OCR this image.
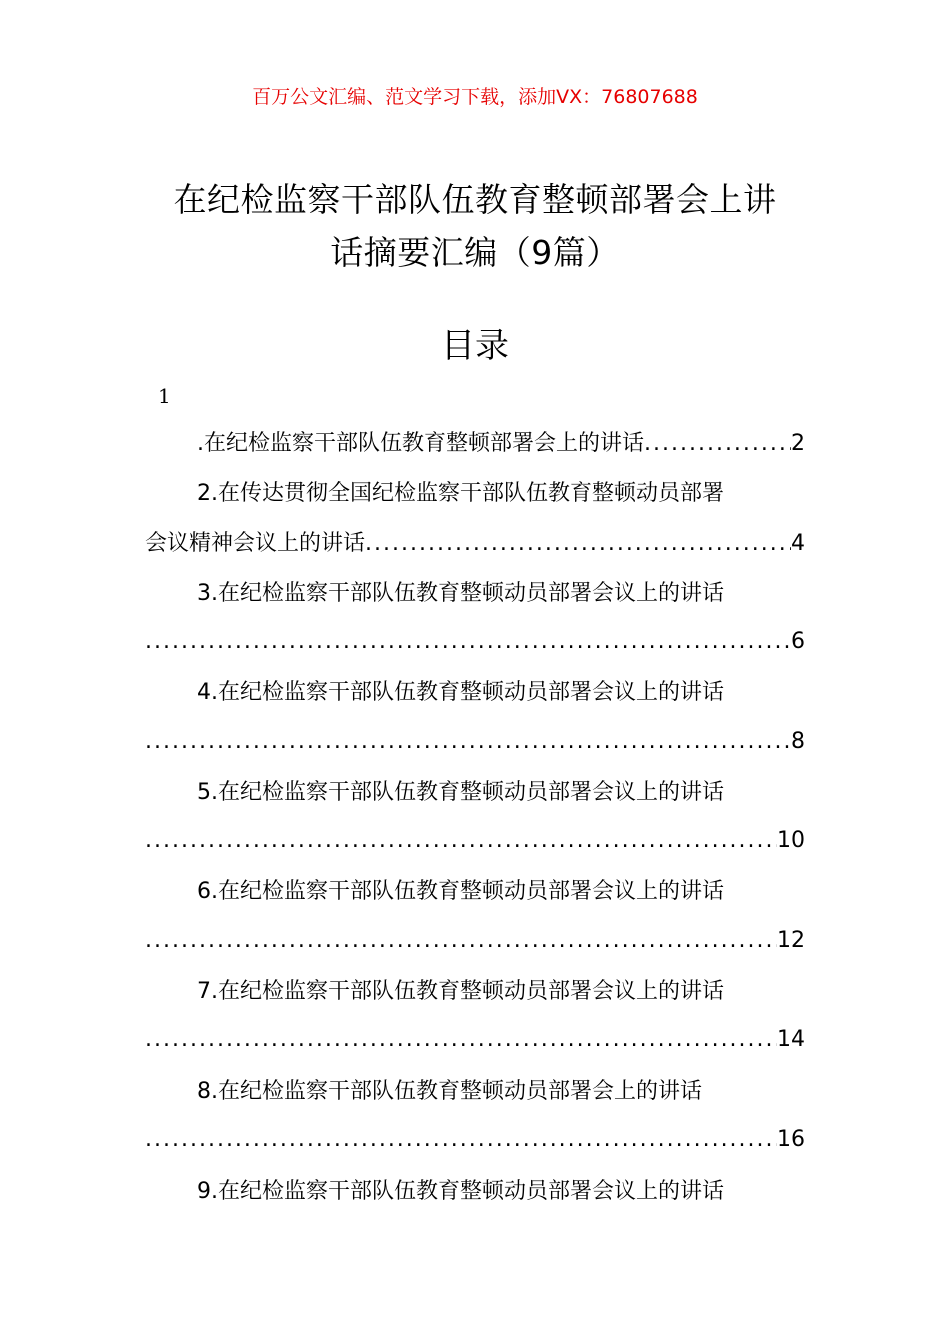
百万公文汇编、范文学习下载，添加VX：76807688
在纪检监察干部队伍教育整顿部署会上讲
话摘要汇编（9篇）
目录
1
.在纪检监察干部队伍教育整顿部署会上的讲话 .....	2
2.在传达贯彻全国纪检监察干部队伍教育整顿动员部署
会议精神会议上的讲话 .....	4
3.在纪检监察干部队伍教育整顿动员部署会议上的讲话
.....
6
4.在纪检监察干部队伍教育整顿动员部署会议上的讲话
.....
8
5.在纪检监察干部队伍教育整顿动员部署会议上的讲话
.....
10
6.在纪检监察干部队伍教育整顿动员部署会议上的讲话
.....
12
7.在纪检监察干部队伍教育整顿动员部署会议上的讲话
.....
14
8.在纪检监察干部队伍教育整顿动员部署会上的讲话
.....
16
9.在纪检监察干部队伍教育整顿动员部署会议上的讲话
